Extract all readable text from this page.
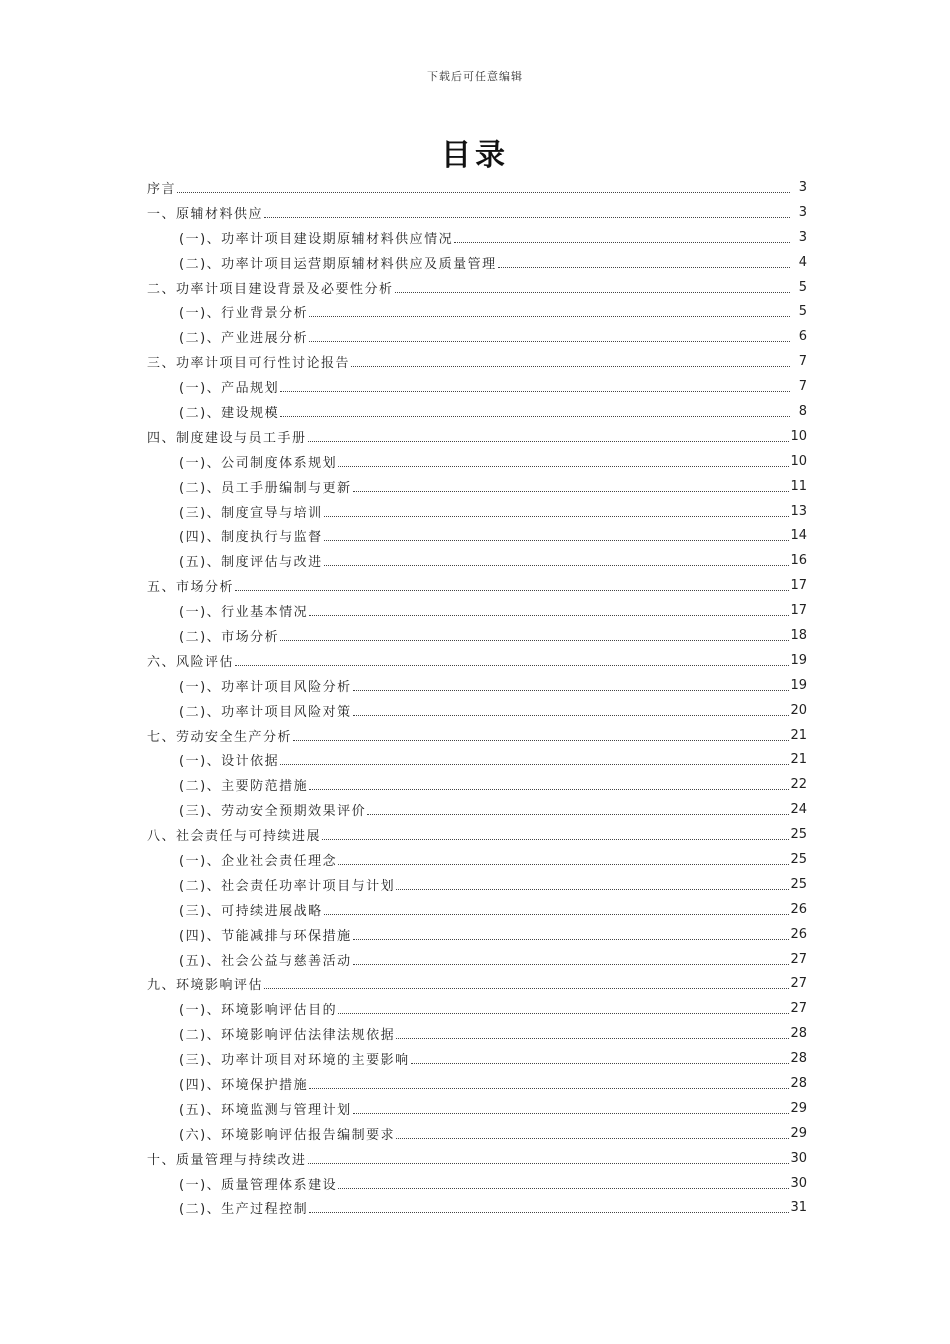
下载后可任意编辑
目录
序言	3
一、原辅材料供应	3
(一)、功率计项目建设期原辅材料供应情况	3
(二)、功率计项目运营期原辅材料供应及质量管理	4
二、功率计项目建设背景及必要性分析	5
(一)、行业背景分析	5
(二)、产业进展分析	6
三、功率计项目可行性讨论报告	7
(一)、产品规划	7
(二)、建设规模	8
四、制度建设与员工手册	10
(一)、公司制度体系规划	10
(二)、员工手册编制与更新	11
(三)、制度宣导与培训	13
(四)、制度执行与监督	14
(五)、制度评估与改进	16
五、市场分析	17
(一)、行业基本情况	17
(二)、市场分析	18
六、风险评估	19
(一)、功率计项目风险分析	19
(二)、功率计项目风险对策	20
七、劳动安全生产分析	21
(一)、设计依据	21
(二)、主要防范措施	22
(三)、劳动安全预期效果评价	24
八、社会责任与可持续进展	25
(一)、企业社会责任理念	25
(二)、社会责任功率计项目与计划	25
(三)、可持续进展战略	26
(四)、节能减排与环保措施	26
(五)、社会公益与慈善活动	27
九、环境影响评估	27
(一)、环境影响评估目的	27
(二)、环境影响评估法律法规依据	28
(三)、功率计项目对环境的主要影响	28
(四)、环境保护措施	28
(五)、环境监测与管理计划	29
(六)、环境影响评估报告编制要求	29
十、质量管理与持续改进	30
(一)、质量管理体系建设	30
(二)、生产过程控制	31
